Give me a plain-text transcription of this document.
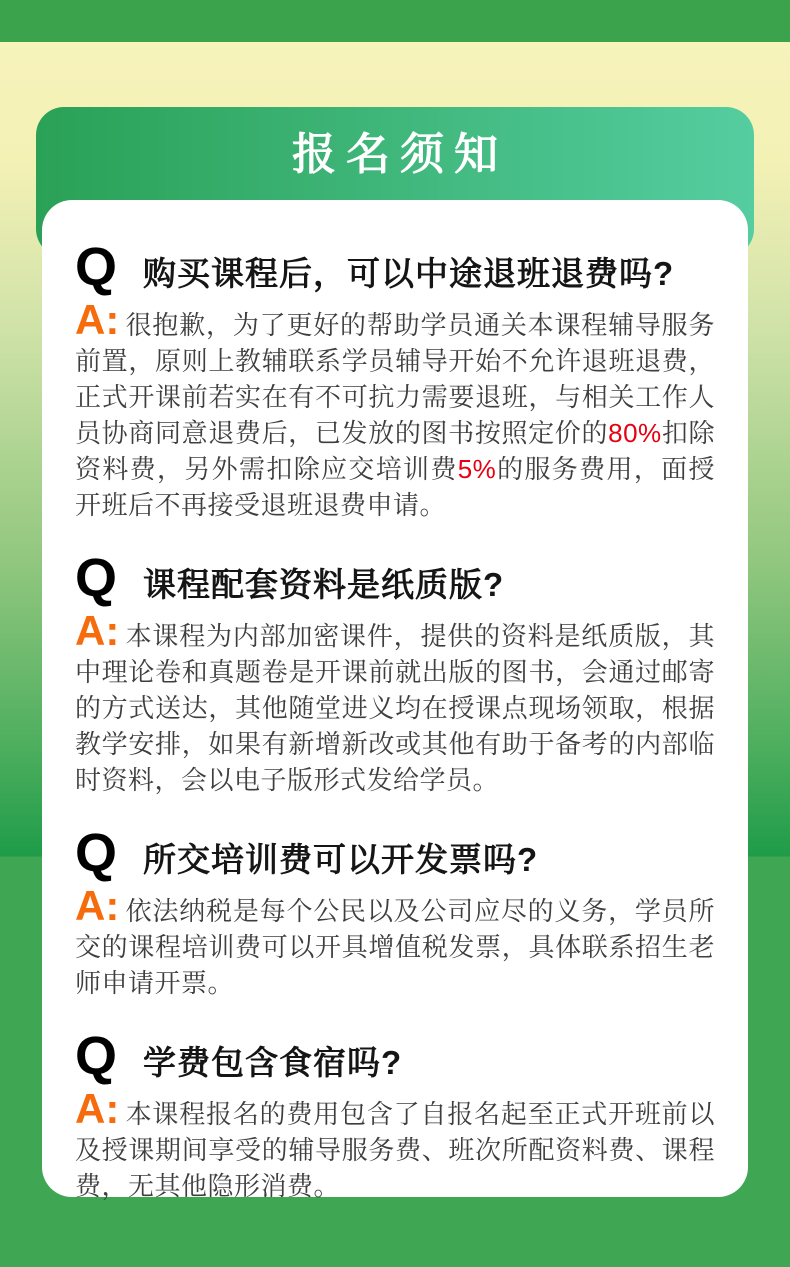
报名须知
Q购买课程后，可以中途退班退费吗?

A: 很抱歉，为了更好的帮助学员通关本课程辅导服务前置，原则上教辅联系学员辅导开始不允许退班退费，正式开课前若实在有不可抗力需要退班，与相关工作人员协商同意退费后，已发放的图书按照定价的80%扣除资料费，另外需扣除应交培训费5%的服务费用，面授开班后不再接受退班退费申请。

Q课程配套资料是纸质版?

A: 本课程为内部加密课件，提供的资料是纸质版，其中理论卷和真题卷是开课前就出版的图书，会通过邮寄的方式送达，其他随堂进义均在授课点现场领取，根据教学安排，如果有新增新改或其他有助于备考的内部临时资料，会以电子版形式发给学员。

Q所交培训费可以开发票吗?

A: 依法纳税是每个公民以及公司应尽的义务，学员所交的课程培训费可以开具增值税发票，具体联系招生老师申请开票。

Q学费包含食宿吗?

A: 本课程报名的费用包含了自报名起至正式开班前以及授课期间享受的辅导服务费、班次所配资料费、课程费，无其他隐形消费。
